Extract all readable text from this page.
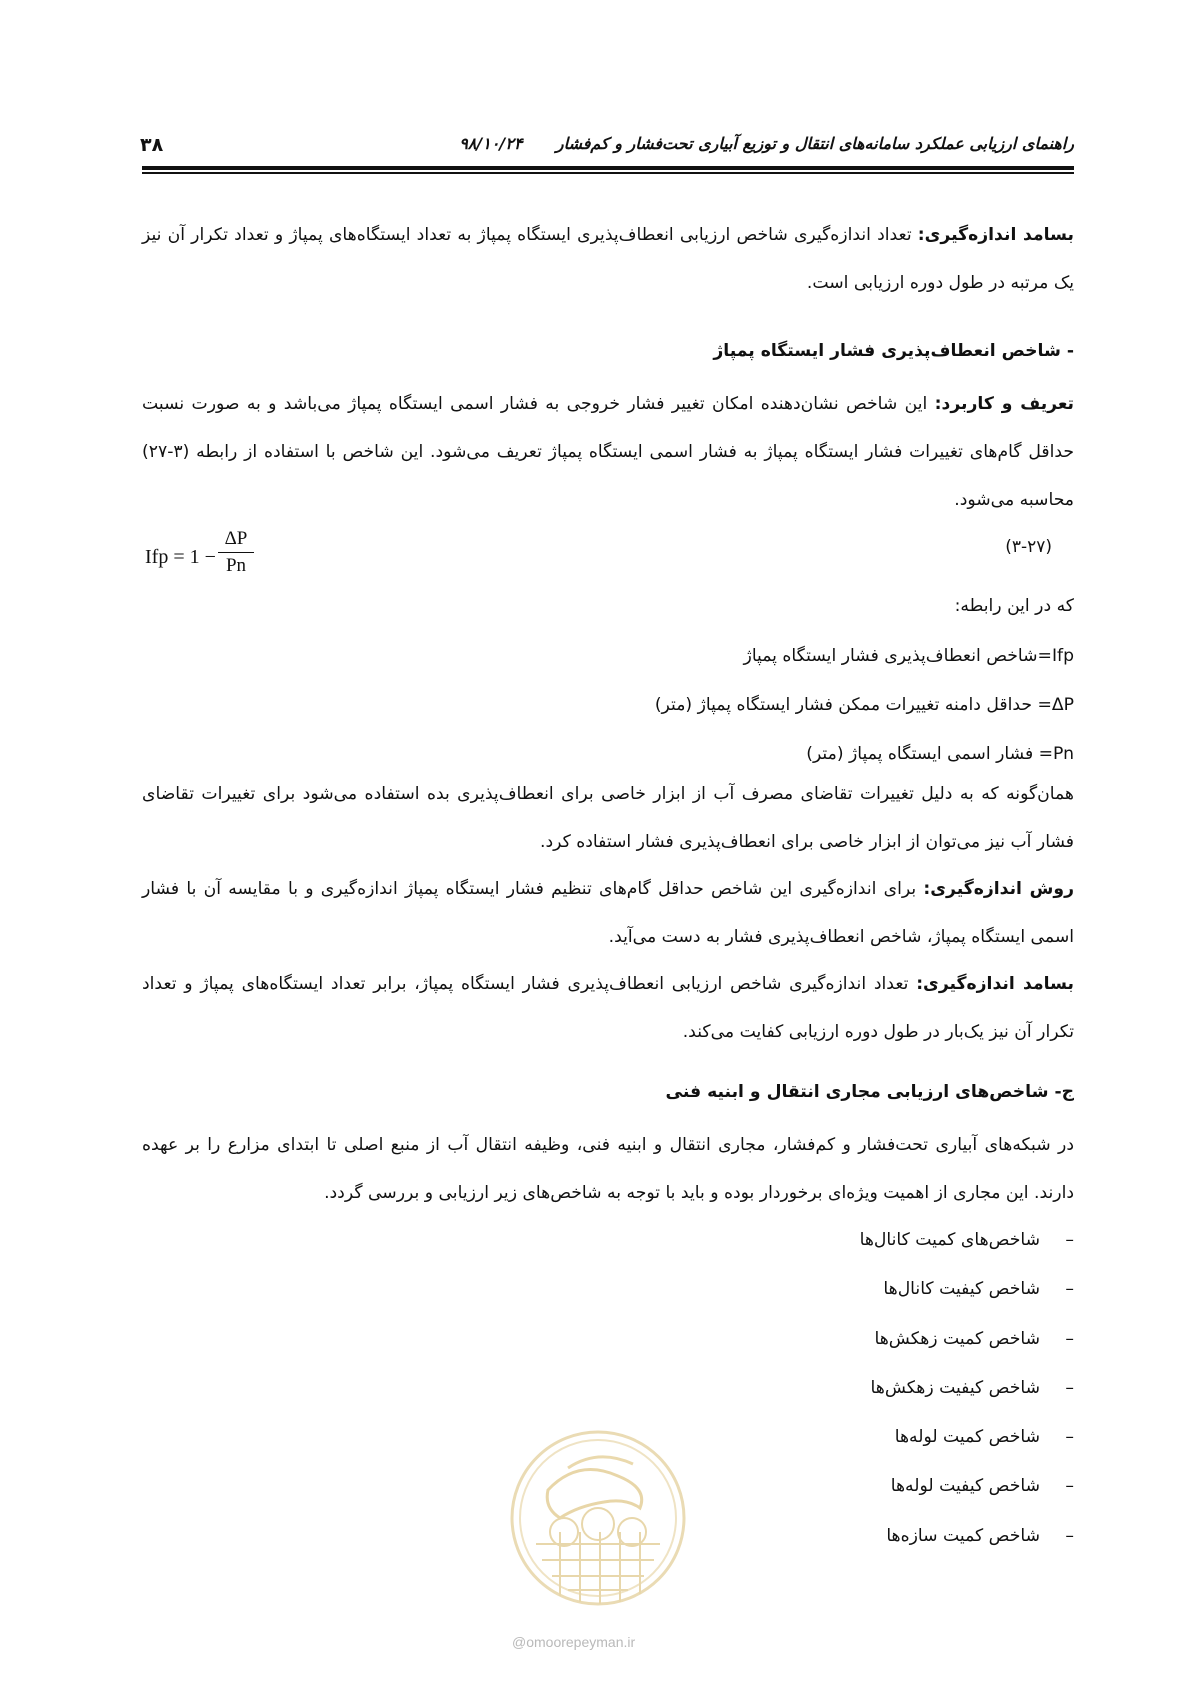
۳۸	راهنمای ارزیابی عملکرد سامانه‌های انتقال و توزیع آبیاری تحت‌فشار و کم‌فشار      ۹۸/۱۰/۲۴

بسامد اندازه‌گیری: تعداد اندازه‌گیری شاخص ارزیابی انعطاف‌پذیری ایستگاه پمپاژ به تعداد ایستگاه‌های پمپاژ و تعداد تکرار آن نیز یک مرتبه در طول دوره ارزیابی است.

- شاخص انعطاف‌پذیری فشار ایستگاه پمپاژ

تعریف و کاربرد: این شاخص نشان‌دهنده امکان تغییر فشار خروجی به فشار اسمی ایستگاه پمپاژ می‌باشد و به صورت نسبت حداقل گام‌های تغییرات فشار ایستگاه پمپاژ به فشار اسمی ایستگاه پمپاژ تعریف می‌شود. این شاخص با استفاده از رابطه (۳-۲۷) محاسبه می‌شود.

Ifp = 1 −
ΔP
Pn
(۳-۲۷)
که در این رابطه:
Ifp=شاخص انعطاف‌پذیری فشار ایستگاه پمپاژ
ΔP= حداقل دامنه تغییرات ممکن فشار ایستگاه پمپاژ (متر)
Pn= فشار اسمی ایستگاه پمپاژ (متر)

همان‌گونه که به دلیل تغییرات تقاضای مصرف آب از ابزار خاصی برای انعطاف‌پذیری بده استفاده می‌شود برای تغییرات تقاضای فشار آب نیز می‌توان از ابزار خاصی برای انعطاف‌پذیری فشار استفاده کرد.

روش اندازه‌گیری: برای اندازه‌گیری این شاخص حداقل گام‌های تنظیم فشار ایستگاه پمپاژ اندازه‌گیری و با مقایسه آن با فشار اسمی ایستگاه پمپاژ، شاخص انعطاف‌پذیری فشار به دست می‌آید.

بسامد اندازه‌گیری: تعداد اندازه‌گیری شاخص ارزیابی انعطاف‌پذیری فشار ایستگاه پمپاژ، برابر تعداد ایستگاه‌های پمپاژ و تعداد تکرار آن نیز یک‌بار در طول دوره ارزیابی کفایت می‌کند.

ج- شاخص‌های ارزیابی مجاری انتقال و ابنیه فنی

در شبکه‌های آبیاری تحت‌فشار و کم‌فشار، مجاری انتقال و ابنیه فنی، وظیفه انتقال آب از منبع اصلی تا ابتدای مزارع را بر عهده دارند. این مجاری از اهمیت ویژه‌ای برخوردار بوده و باید با توجه به شاخص‌های زیر ارزیابی و بررسی گردد.

–شاخص‌های کمیت کانال‌ها
–شاخص کیفیت کانال‌ها
–شاخص کمیت زهکش‌ها
–شاخص کیفیت زهکش‌ها
–شاخص کمیت لوله‌ها
–شاخص کیفیت لوله‌ها
–شاخص کمیت سازه‌ها
@omoorepeyman.ir
